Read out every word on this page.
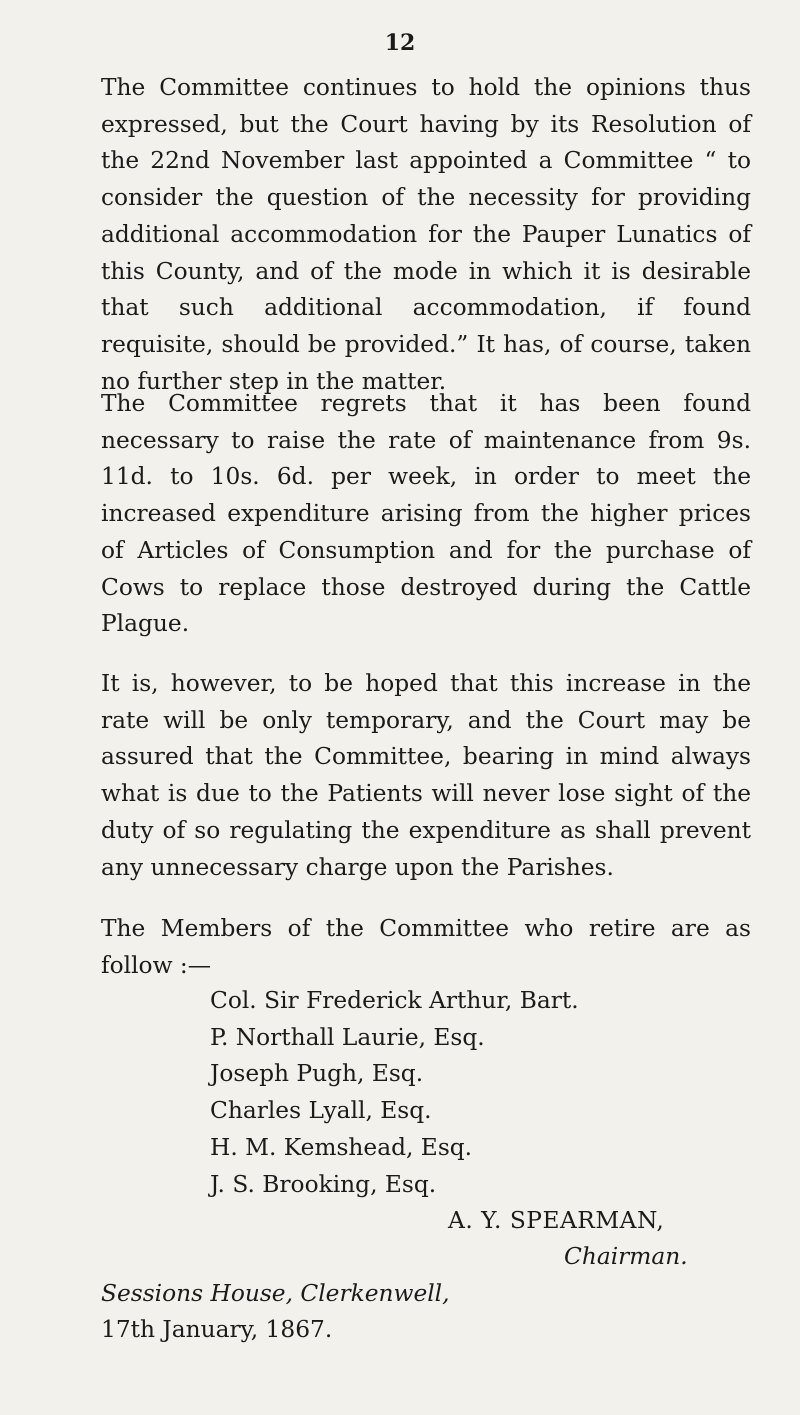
12

The Committee continues to hold the opinions thus expressed, but the Court having by its Resolution of the 22nd November last appointed a Committee “ to consider the question of the necessity for providing additional accommodation for the Pauper Lunatics of this County, and of the mode in which it is desirable that such additional accommodation, if found requisite, should be provided.” It has, of course, taken no further step in the matter.

The Committee regrets that it has been found necessary to raise the rate of maintenance from 9s. 11d. to 10s. 6d. per week, in order to meet the increased expenditure arising from the higher prices of Articles of Consumption and for the purchase of Cows to replace those destroyed during the Cattle Plague.

It is, however, to be hoped that this increase in the rate will be only temporary, and the Court may be assured that the Committee, bearing in mind always what is due to the Patients will never lose sight of the duty of so regulating the expenditure as shall prevent any unnecessary charge upon the Parishes.

The Members of the Committee who retire are as follow :—

Col. Sir Frederick Arthur, Bart.
P. Northall Laurie, Esq.
Joseph Pugh, Esq.
Charles Lyall, Esq.
H. M. Kemshead, Esq.
J. S. Brooking, Esq.
A. Y. SPEARMAN,
Chairman.
Sessions House, Clerkenwell,
17th January, 1867.
